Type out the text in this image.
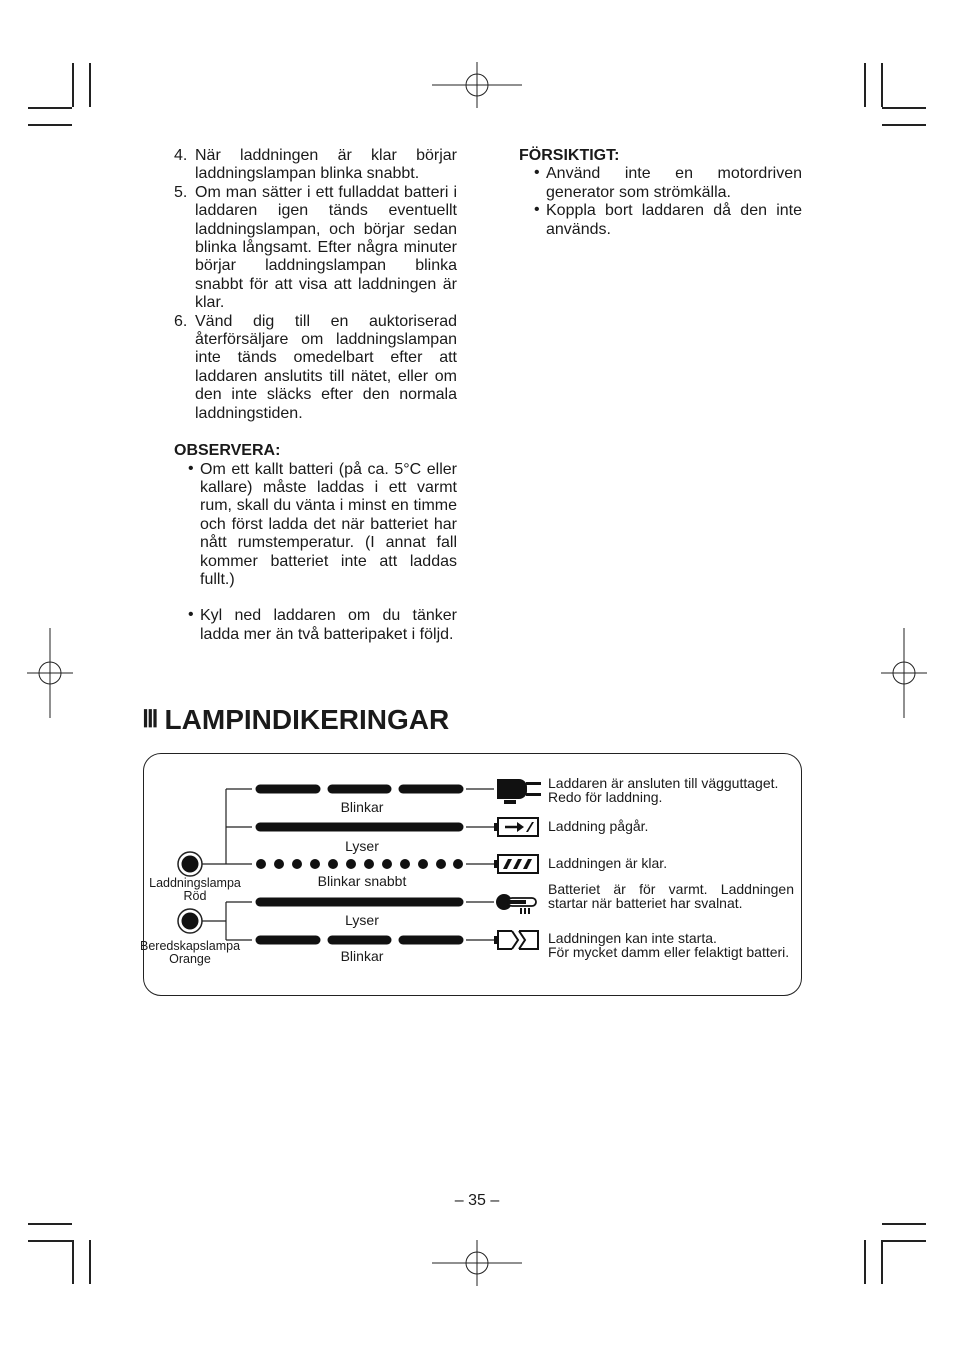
4. När laddningen är klar börjar laddningslampan blinka snabbt.
5. Om man sätter i ett fulladdat batteri i laddaren igen tänds eventuellt laddningslampan, och börjar sedan blinka långsamt. Efter några minuter börjar laddningslampan blinka snabbt för att visa att laddningen är klar.
6. Vänd dig till en auktoriserad återförsäljare om laddningslampan inte tänds omedelbart efter att laddaren anslutits till nätet, eller om den inte släcks efter den normala laddningstiden.
OBSERVERA:
• Om ett kallt batteri (på ca. 5°C eller kallare) måste laddas i ett varmt rum, skall du vänta i minst en timme och först ladda det när batteriet har nått rumstemperatur. (I annat fall kommer batteriet inte att laddas fullt.)
• Kyl ned laddaren om du tänker ladda mer än två batteripaket i följd.
FÖRSIKTIGT:
• Använd inte en motordriven generator som strömkälla.
• Koppla bort laddaren då den inte används.
Ⅲ LAMPINDIKERINGAR
Laddningslampa
Röd
Beredskapslampa
Orange
Blinkar
Lyser
Blinkar snabbt
Lyser
Blinkar
Laddaren är ansluten till vägguttaget.
Redo för laddning.
Laddning pågår.
Laddningen är klar.
Batteriet är för varmt. Laddningen
startar när batteriet har svalnat.
Laddningen kan inte starta.
För mycket damm eller felaktigt batteri.
– 35 –
